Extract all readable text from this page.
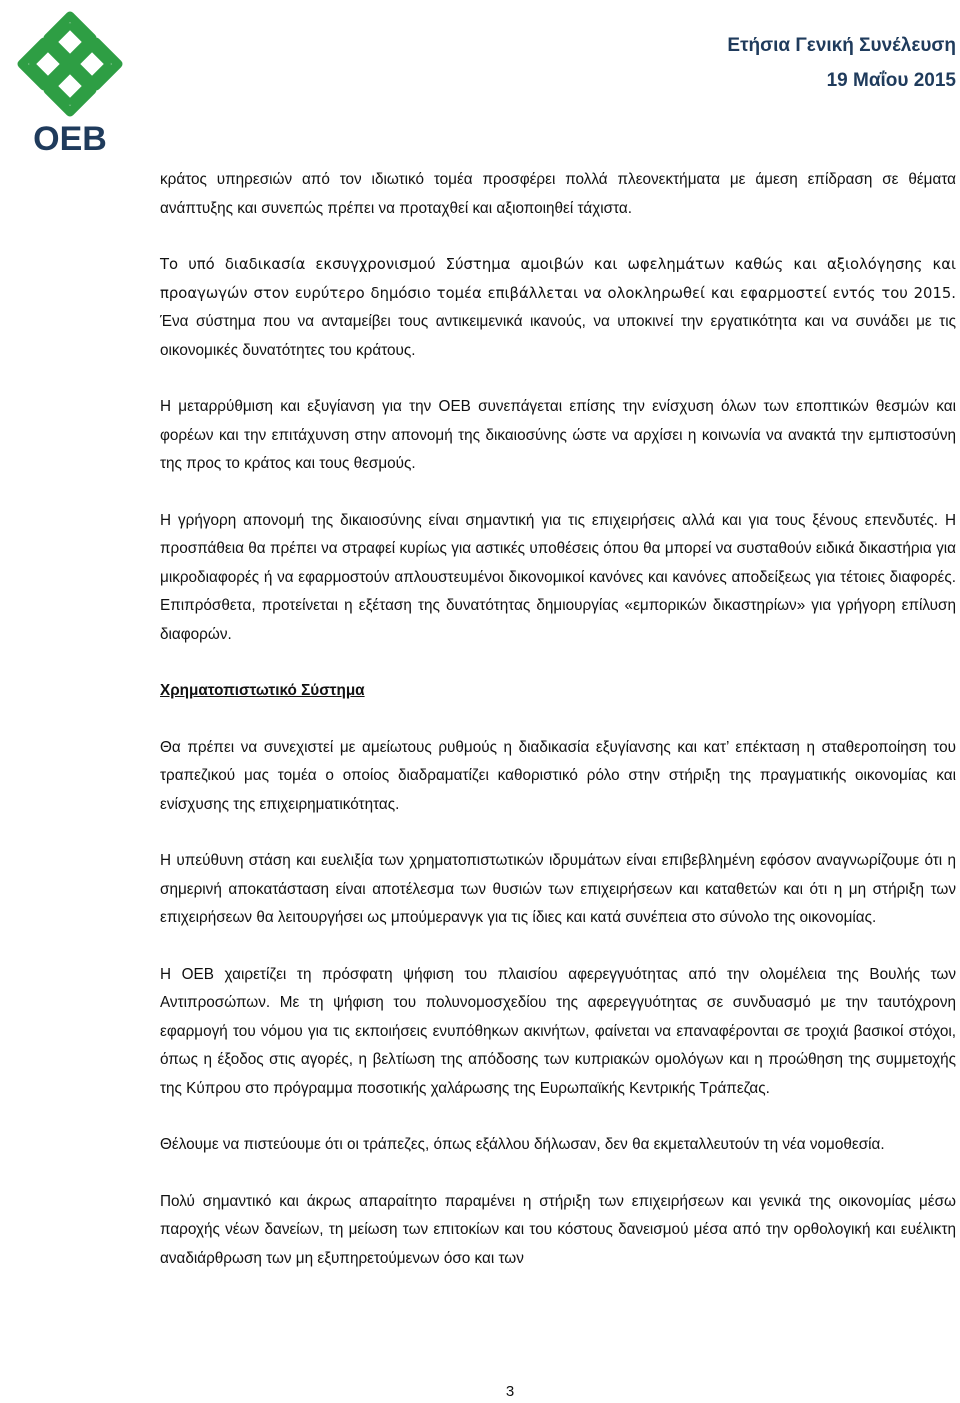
OEB
Ετήσια Γενική Συνέλευση
19 Μαΐου 2015

κράτος υπηρεσιών από τον ιδιωτικό τομέα προσφέρει πολλά πλεονεκτήματα με άμεση επίδραση σε θέματα ανάπτυξης και συνεπώς πρέπει να προταχθεί και αξιοποιηθεί τάχιστα.

Το υπό διαδικασία εκσυγχρονισμού Σύστημα αμοιβών και ωφελημάτων καθώς και αξιολόγησης και προαγωγών στον ευρύτερο δημόσιο τομέα επιβάλλεται να ολοκληρωθεί και εφαρμοστεί εντός του 2015. Ένα σύστημα που να ανταμείβει τους αντικειμενικά ικανούς, να υποκινεί την εργατικότητα και να συνάδει με τις οικονομικές δυνατότητες του κράτους.

Η μεταρρύθμιση και εξυγίανση για την ΟΕΒ συνεπάγεται επίσης την ενίσχυση όλων των εποπτικών θεσμών και φορέων και την επιτάχυνση στην απονομή της δικαιοσύνης ώστε να αρχίσει η κοινωνία να ανακτά την εμπιστοσύνη της προς το κράτος και τους θεσμούς.

Η γρήγορη απονομή της δικαιοσύνης είναι σημαντική για τις επιχειρήσεις αλλά και για τους ξένους επενδυτές. Η προσπάθεια θα πρέπει να στραφεί κυρίως για αστικές υποθέσεις όπου θα μπορεί να συσταθούν ειδικά δικαστήρια για μικροδιαφορές ή να εφαρμοστούν απλουστευμένοι δικονομικοί κανόνες και κανόνες αποδείξεως για τέτοιες διαφορές. Επιπρόσθετα, προτείνεται η εξέταση της δυνατότητας δημιουργίας «εμπορικών δικαστηρίων» για γρήγορη επίλυση διαφορών.

Χρηματοπιστωτικό Σύστημα

Θα πρέπει να συνεχιστεί με αμείωτους ρυθμούς η διαδικασία εξυγίανσης και κατ’ επέκταση η σταθεροποίηση του τραπεζικού μας τομέα ο οποίος διαδραματίζει καθοριστικό ρόλο στην στήριξη της πραγματικής οικονομίας και ενίσχυσης της επιχειρηματικότητας.

Η υπεύθυνη στάση και ευελιξία των χρηματοπιστωτικών ιδρυμάτων είναι επιβεβλημένη εφόσον αναγνωρίζουμε ότι η σημερινή αποκατάσταση είναι αποτέλεσμα των θυσιών των επιχειρήσεων και καταθετών και ότι η μη στήριξη των επιχειρήσεων θα λειτουργήσει ως μπούμερανγκ για τις ίδιες και κατά συνέπεια στο σύνολο της οικονομίας.

Η ΟΕΒ χαιρετίζει τη πρόσφατη ψήφιση του πλαισίου αφερεγγυότητας από την ολομέλεια της Βουλής των Αντιπροσώπων. Με τη ψήφιση του πολυνομοσχεδίου της αφερεγγυότητας σε συνδυασμό με την ταυτόχρονη εφαρμογή του νόμου για τις εκποιήσεις ενυπόθηκων ακινήτων, φαίνεται να επαναφέρονται σε τροχιά βασικοί στόχοι, όπως η έξοδος στις αγορές, η βελτίωση της απόδοσης των κυπριακών ομολόγων και η προώθηση της συμμετοχής της Κύπρου στο πρόγραμμα ποσοτικής χαλάρωσης της Ευρωπαϊκής Κεντρικής Τράπεζας.

Θέλουμε να πιστεύουμε ότι οι τράπεζες, όπως εξάλλου δήλωσαν, δεν θα εκμεταλλευτούν τη νέα νομοθεσία.

Πολύ σημαντικό και άκρως απαραίτητο παραμένει η στήριξη των επιχειρήσεων και γενικά της οικονομίας μέσω παροχής νέων δανείων, τη μείωση των επιτοκίων και του κόστους δανεισμού μέσα από την ορθολογική και ευέλικτη αναδιάρθρωση των μη εξυπηρετούμενων όσο και των

3
